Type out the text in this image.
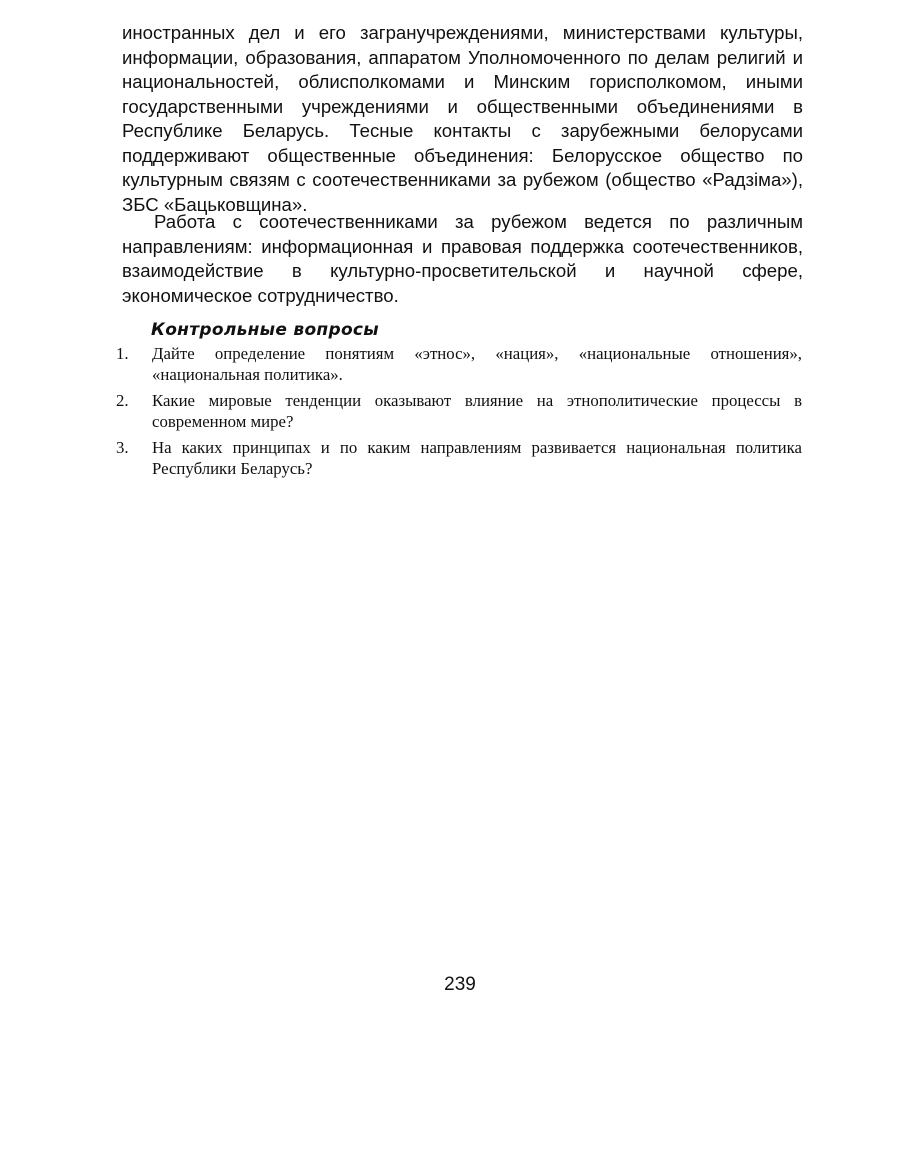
иностранных дел и его загранучреждениями, министерствами культуры, информации, образования, аппаратом Уполномоченного по делам религий и национальностей, облисполкомами и Минским горисполкомом, иными государственными учреждениями и общественными объединениями в Республике Беларусь. Тесные контакты с зарубежными белорусами поддерживают общественные объединения: Белорусское общество по культурным связям с соотечественниками за рубежом (общество «Радзіма»), ЗБС «Бацьковщина».

Работа с соотечественниками за рубежом ведется по различным направлениям: информационная и правовая поддержка соотечественников, взаимодействие в культурно-просветительской и научной сфере, экономическое сотрудничество.

Контрольные вопросы
1.	Дайте определение понятиям «этнос», «нация», «национальные отношения», «национальная политика».
2.	Какие мировые тенденции оказывают влияние на этнополитические процессы в современном мире?
3.	На каких принципах и по каким направлениям развивается национальная политика Республики Беларусь?
239
